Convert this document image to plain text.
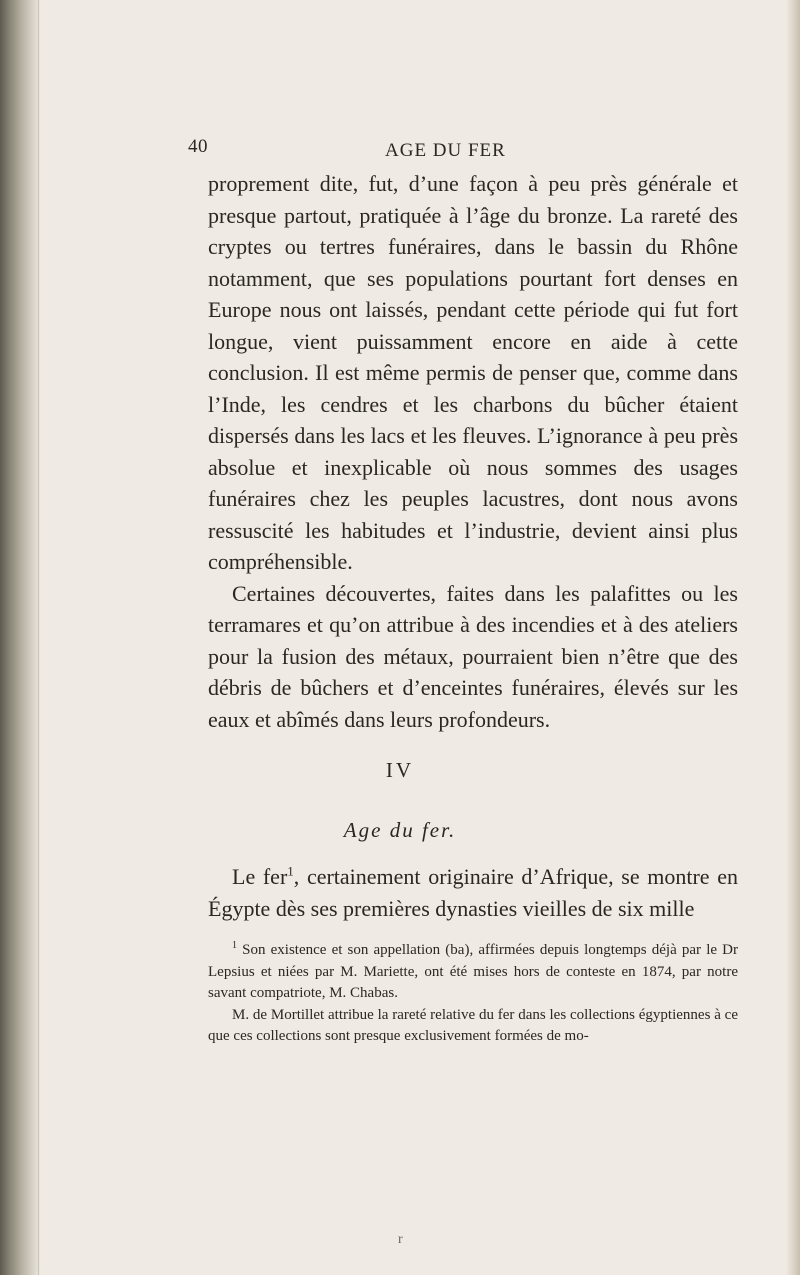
40	AGE DU FER

proprement dite, fut, d’une façon à peu près générale et presque partout, pratiquée à l’âge du bronze. La rareté des cryptes ou tertres funéraires, dans le bassin du Rhône notamment, que ses populations pourtant fort denses en Europe nous ont laissés, pendant cette période qui fut fort longue, vient puissamment encore en aide à cette conclusion. Il est même permis de penser que, comme dans l’Inde, les cendres et les charbons du bûcher étaient dispersés dans les lacs et les fleuves. L’ignorance à peu près absolue et inexplicable où nous sommes des usages funéraires chez les peuples lacustres, dont nous avons ressuscité les habitudes et l’industrie, devient ainsi plus compréhensible.

Certaines découvertes, faites dans les palafittes ou les terramares et qu’on attribue à des incendies et à des ateliers pour la fusion des métaux, pourraient bien n’être que des débris de bûchers et d’enceintes funéraires, élevés sur les eaux et abîmés dans leurs profondeurs.

IV
Age du fer.

Le fer$^1$, certainement originaire d’Afrique, se montre en Égypte dès ses premières dynasties vieilles de six mille

$^1$ Son existence et son appellation (ba), affirmées depuis longtemps déjà par le Dr Lepsius et niées par M. Mariette, ont été mises hors de conteste en 1874, par notre savant compatriote, M. Chabas.

M. de Mortillet attribue la rareté relative du fer dans les collections égyptiennes à ce que ces collections sont presque exclusivement formées de mo-

r
